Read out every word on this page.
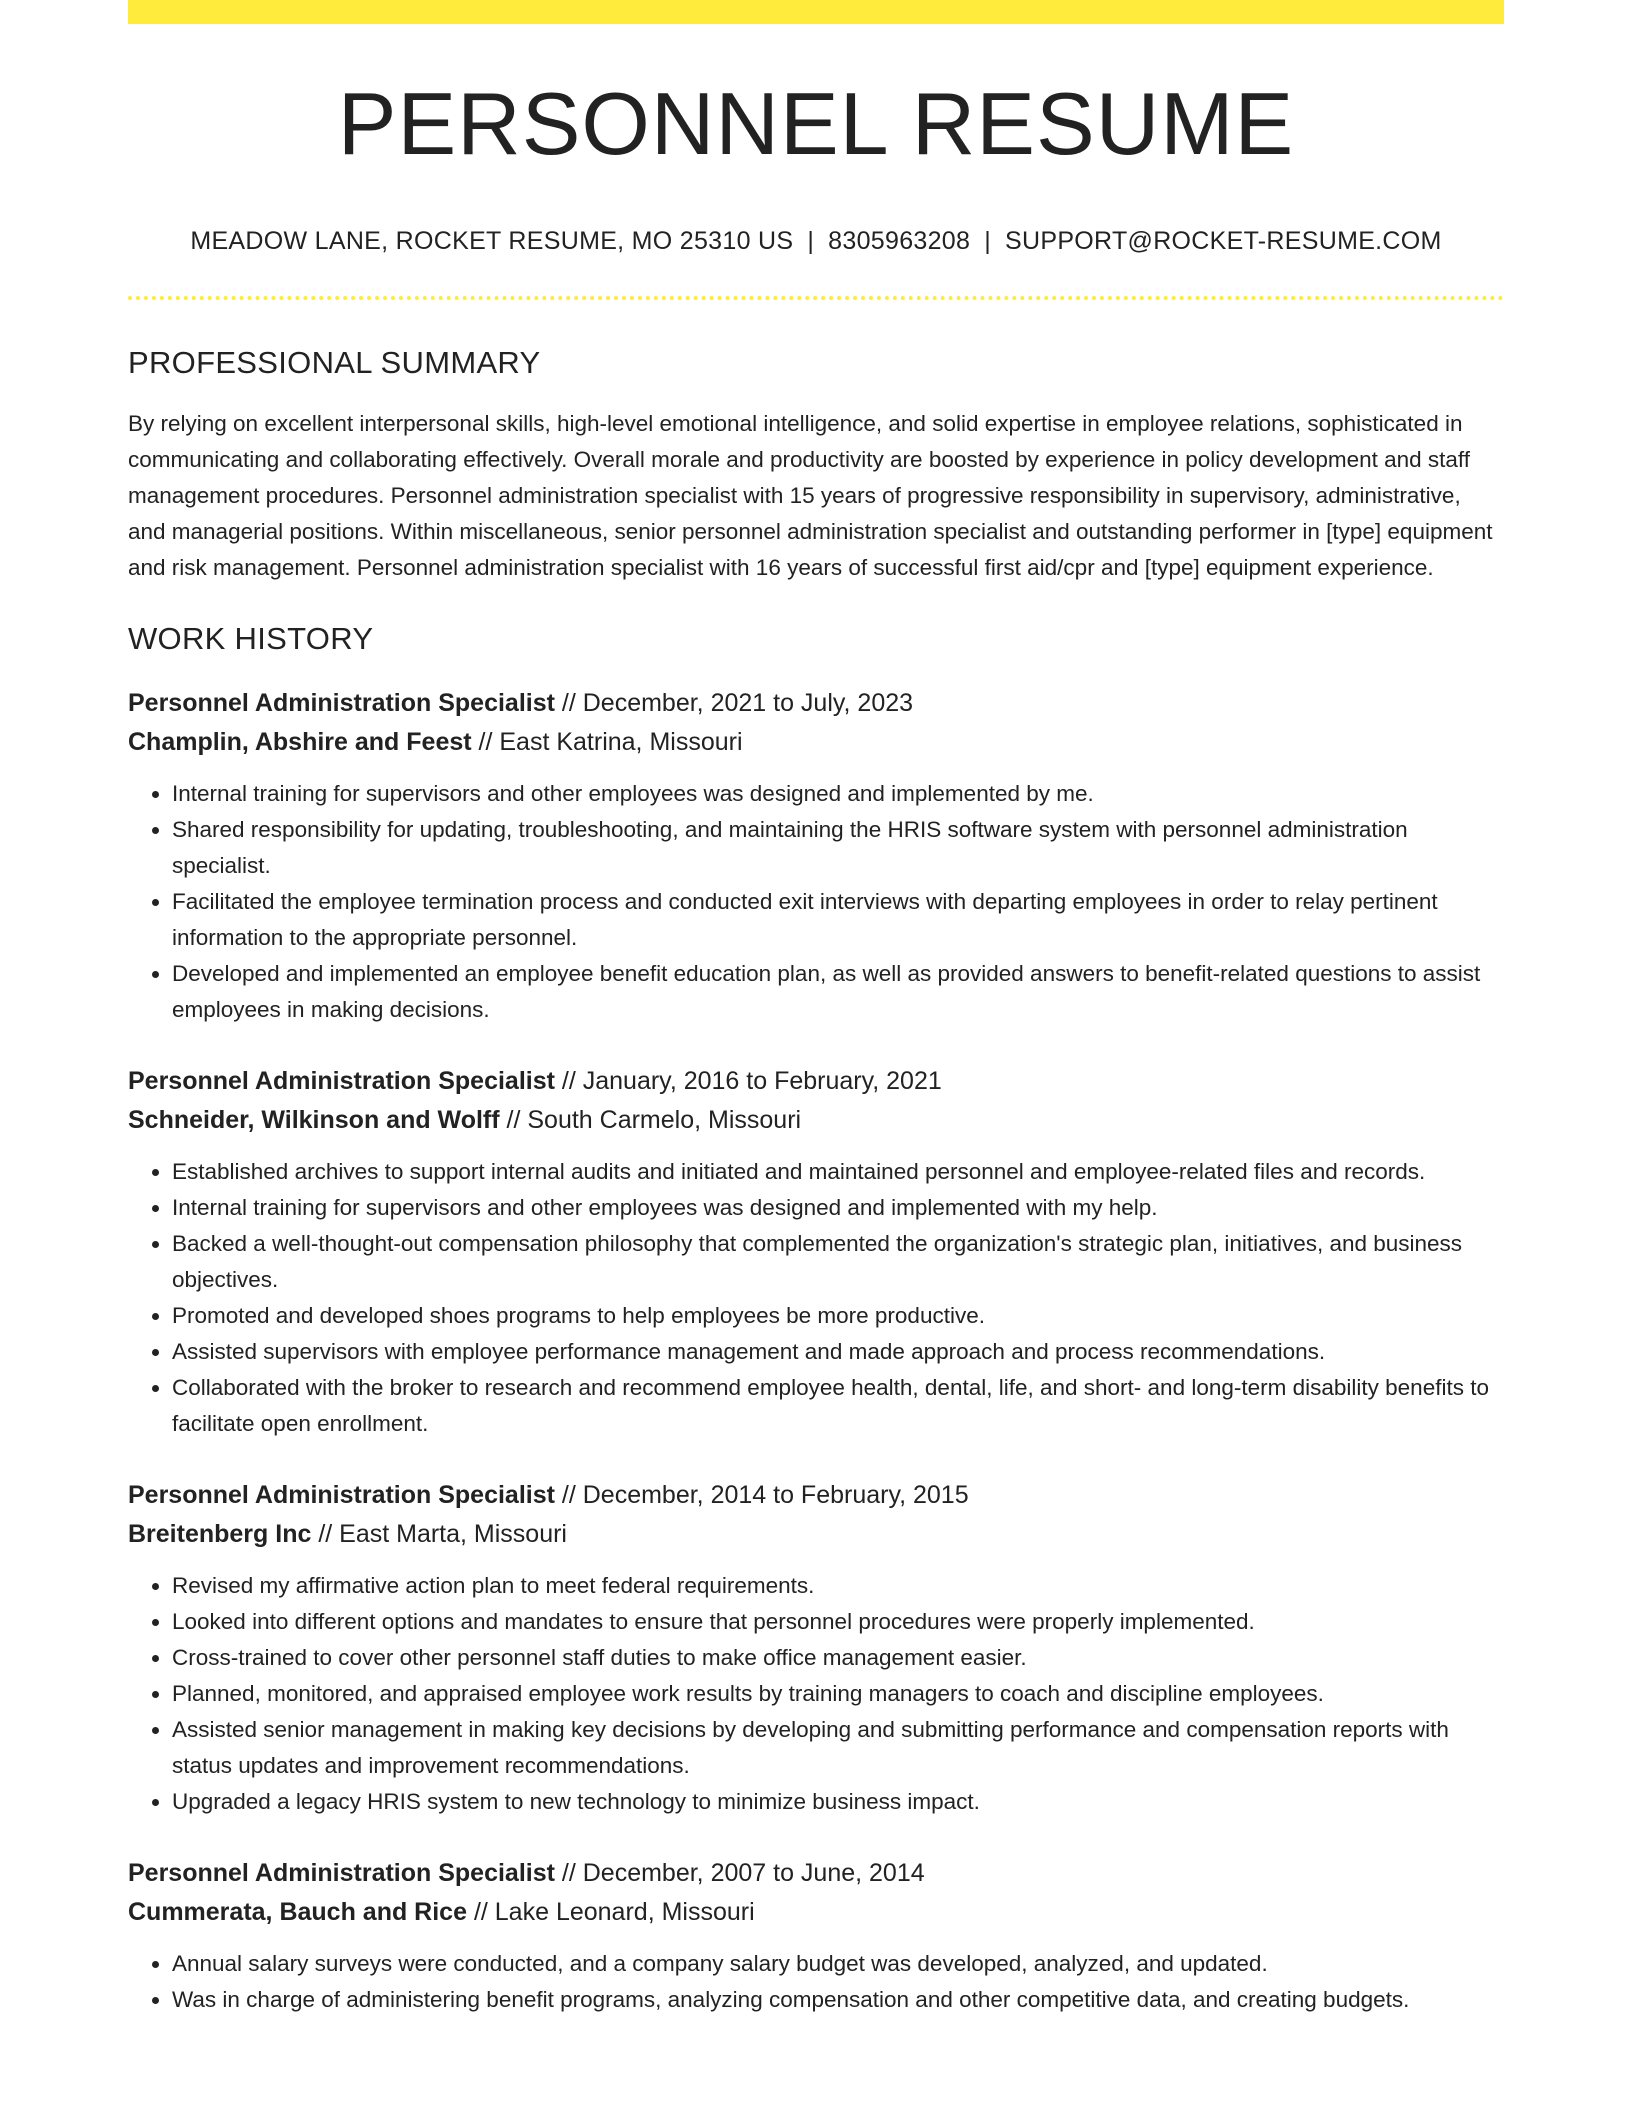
PERSONNEL RESUME
MEADOW LANE, ROCKET RESUME, MO 25310 US | 8305963208 | SUPPORT@ROCKET-RESUME.COM
PROFESSIONAL SUMMARY

By relying on excellent interpersonal skills, high-level emotional intelligence, and solid expertise in employee relations, sophisticated in communicating and collaborating effectively. Overall morale and productivity are boosted by experience in policy development and staff management procedures. Personnel administration specialist with 15 years of progressive responsibility in supervisory, administrative, and managerial positions. Within miscellaneous, senior personnel administration specialist and outstanding performer in [type] equipment and risk management. Personnel administration specialist with 16 years of successful first aid/cpr and [type] equipment experience.

WORK HISTORY
Personnel Administration Specialist // December, 2021 to July, 2023
Champlin, Abshire and Feest // East Katrina, Missouri
• Internal training for supervisors and other employees was designed and implemented by me.
• Shared responsibility for updating, troubleshooting, and maintaining the HRIS software system with personnel administration specialist.
• Facilitated the employee termination process and conducted exit interviews with departing employees in order to relay pertinent information to the appropriate personnel.
• Developed and implemented an employee benefit education plan, as well as provided answers to benefit-related questions to assist employees in making decisions.
Personnel Administration Specialist // January, 2016 to February, 2021
Schneider, Wilkinson and Wolff // South Carmelo, Missouri
• Established archives to support internal audits and initiated and maintained personnel and employee-related files and records.
• Internal training for supervisors and other employees was designed and implemented with my help.
• Backed a well-thought-out compensation philosophy that complemented the organization's strategic plan, initiatives, and business objectives.
• Promoted and developed shoes programs to help employees be more productive.
• Assisted supervisors with employee performance management and made approach and process recommendations.
• Collaborated with the broker to research and recommend employee health, dental, life, and short- and long-term disability benefits to facilitate open enrollment.
Personnel Administration Specialist // December, 2014 to February, 2015
Breitenberg Inc // East Marta, Missouri
• Revised my affirmative action plan to meet federal requirements.
• Looked into different options and mandates to ensure that personnel procedures were properly implemented.
• Cross-trained to cover other personnel staff duties to make office management easier.
• Planned, monitored, and appraised employee work results by training managers to coach and discipline employees.
• Assisted senior management in making key decisions by developing and submitting performance and compensation reports with status updates and improvement recommendations.
• Upgraded a legacy HRIS system to new technology to minimize business impact.
Personnel Administration Specialist // December, 2007 to June, 2014
Cummerata, Bauch and Rice // Lake Leonard, Missouri
• Annual salary surveys were conducted, and a company salary budget was developed, analyzed, and updated.
• Was in charge of administering benefit programs, analyzing compensation and other competitive data, and creating budgets.
